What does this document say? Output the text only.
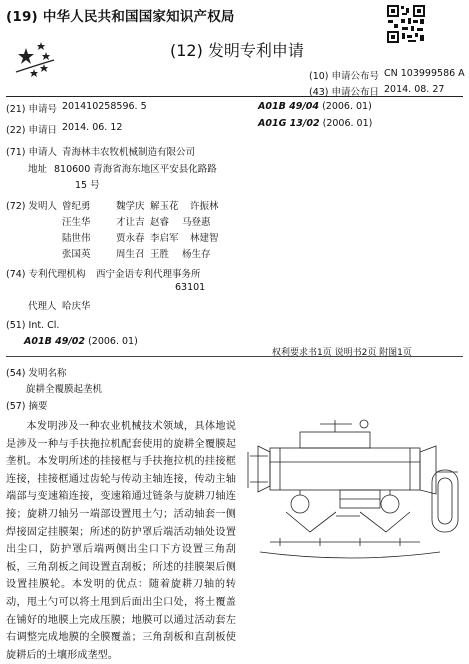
(19) 中华人民共和国国家知识产权局
(12) 发明专利申请
(10) 申请公布号 CN 103999586 A
(43) 申请公布日 2014. 08. 27
(21) 申请号 201410258596. 5
(22) 申请日 2014. 06. 12
(71) 申请人 青海林丰农牧机械制造有限公司
地址 810600 青海省海东地区平安县化路路
15 号
(72) 发明人 曾纪勇	魏学庆 解玉花 许振林
汪生华	才让吉 赵睿 马登惠
陆世伟	贾永春 李启军 林建智
张国英	周生召 王胜 杨生存
(74) 专利代理机构 西宁金语专利代理事务所
63101
代理人 哈庆华
(51) Int. Cl.
A01B 49/02 (2006. 01)
A01B 49/04 (2006. 01)
A01G 13/02 (2006. 01)
权利要求书1页 说明书2页 附图1页
(54) 发明名称
旋耕全覆膜起垄机
(57) 摘要

本发明涉及一种农业机械技术领域，具体地说是涉及一种与手扶拖拉机配套使用的旋耕全覆膜起垄机。本发明所述的挂接框与手扶拖拉机的挂接框连接，挂接框通过齿轮与传动主轴连接，传动主轴端部与变速箱连接，变速箱通过链条与旋耕刀轴连接；旋耕刀轴另一端部设置甩土勺；活动轴套一侧焊接固定挂膜架；所述的防护罩后端活动轴处设置出尘口，防护罩后端两侧出尘口下方设置三角刮板，三角刮板之间设置直刮板；所述的挂膜架后侧设置挂膜轮。本发明的优点：随着旋耕刀轴的转动，甩土勺可以将土甩到后面出尘口处，将土覆盖在铺好的地膜上完成压膜；地膜可以通过活动套左右调整完成地膜的全膜覆盖；三角刮板和直刮板使旋耕后的土壤形成垄型。
